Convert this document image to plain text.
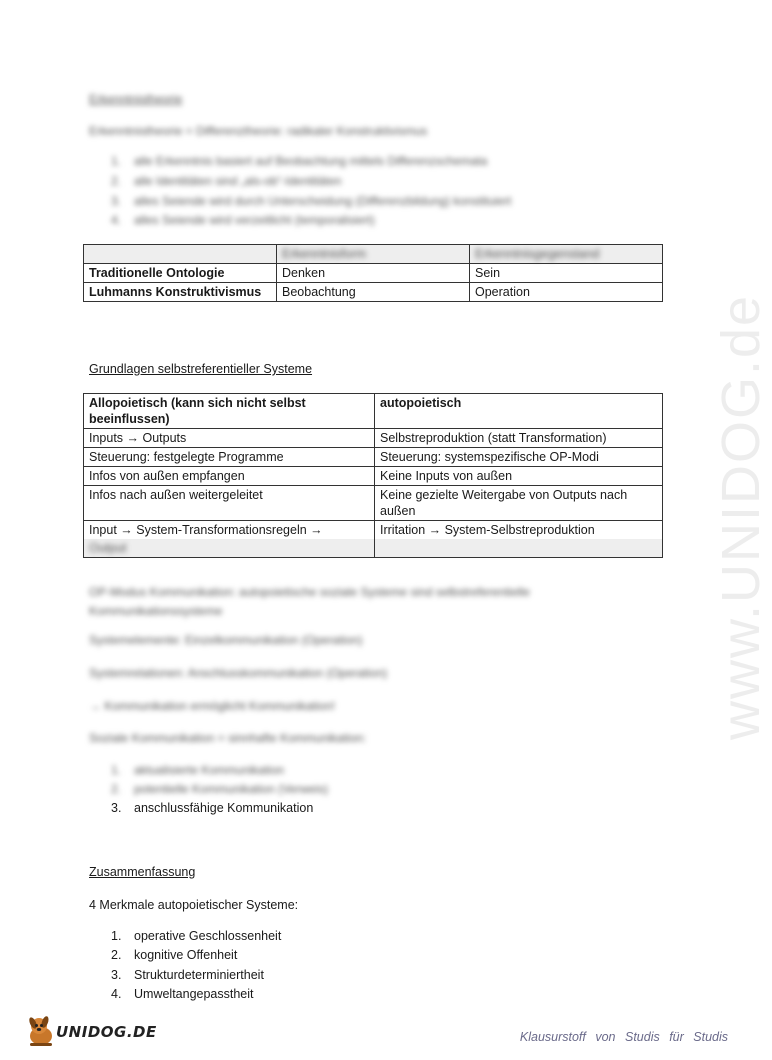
www.UNIDOG.de
Erkenntnistheorie
Erkenntnistheorie = Differenztheorie: radikaler Konstruktivismus
1. alle Erkenntnis basiert auf Beobachtung mittels Differenzschemata
2. alle Identitäten sind „als-ob“-Identitäten
3. alles Seiende wird durch Unterscheidung (Differenzbildung) konstituiert
4. alles Seiende wird verzeitlicht (temporalisiert)
	Erkenntnisform	Erkenntnisgegenstand
Traditionelle Ontologie	Denken	Sein
Luhmanns Konstruktivismus	Beobachtung	Operation
Grundlagen selbstreferentieller Systeme
Allopoietisch (kann sich nicht selbst beeinflussen)	autopoietisch
Inputs → Outputs	Selbstreproduktion (statt Transformation)
Steuerung: festgelegte Programme	Steuerung: systemspezifische OP-Modi
Infos von außen empfangen	Keine Inputs von außen
Infos nach außen weitergeleitet	Keine gezielte Weitergabe von Outputs nach außen
Input → System-Transformationsregeln →	Irritation → System-Selbstreproduktion
Output	
OP-Modus Kommunikation: autopoietische soziale Systeme sind selbstreferentielle Kommunikationssysteme
Systemelemente: Einzelkommunikation (Operation)
Systemrelationen: Anschlusskommunikation (Operation)
→ Kommunikation ermöglicht Kommunikation!
Soziale Kommunikation = sinnhafte Kommunikation:
1. aktualisierte Kommunikation
2. potentielle Kommunikation (Verweis)
3. anschlussfähige Kommunikation
Zusammenfassung
4 Merkmale autopoietischer Systeme:
1. operative Geschlossenheit
2. kognitive Offenheit
3. Strukturdeterminiertheit
4. Umweltangepasstheit
UNIDOG.DE	Klausurstoff von Studis für Studis
